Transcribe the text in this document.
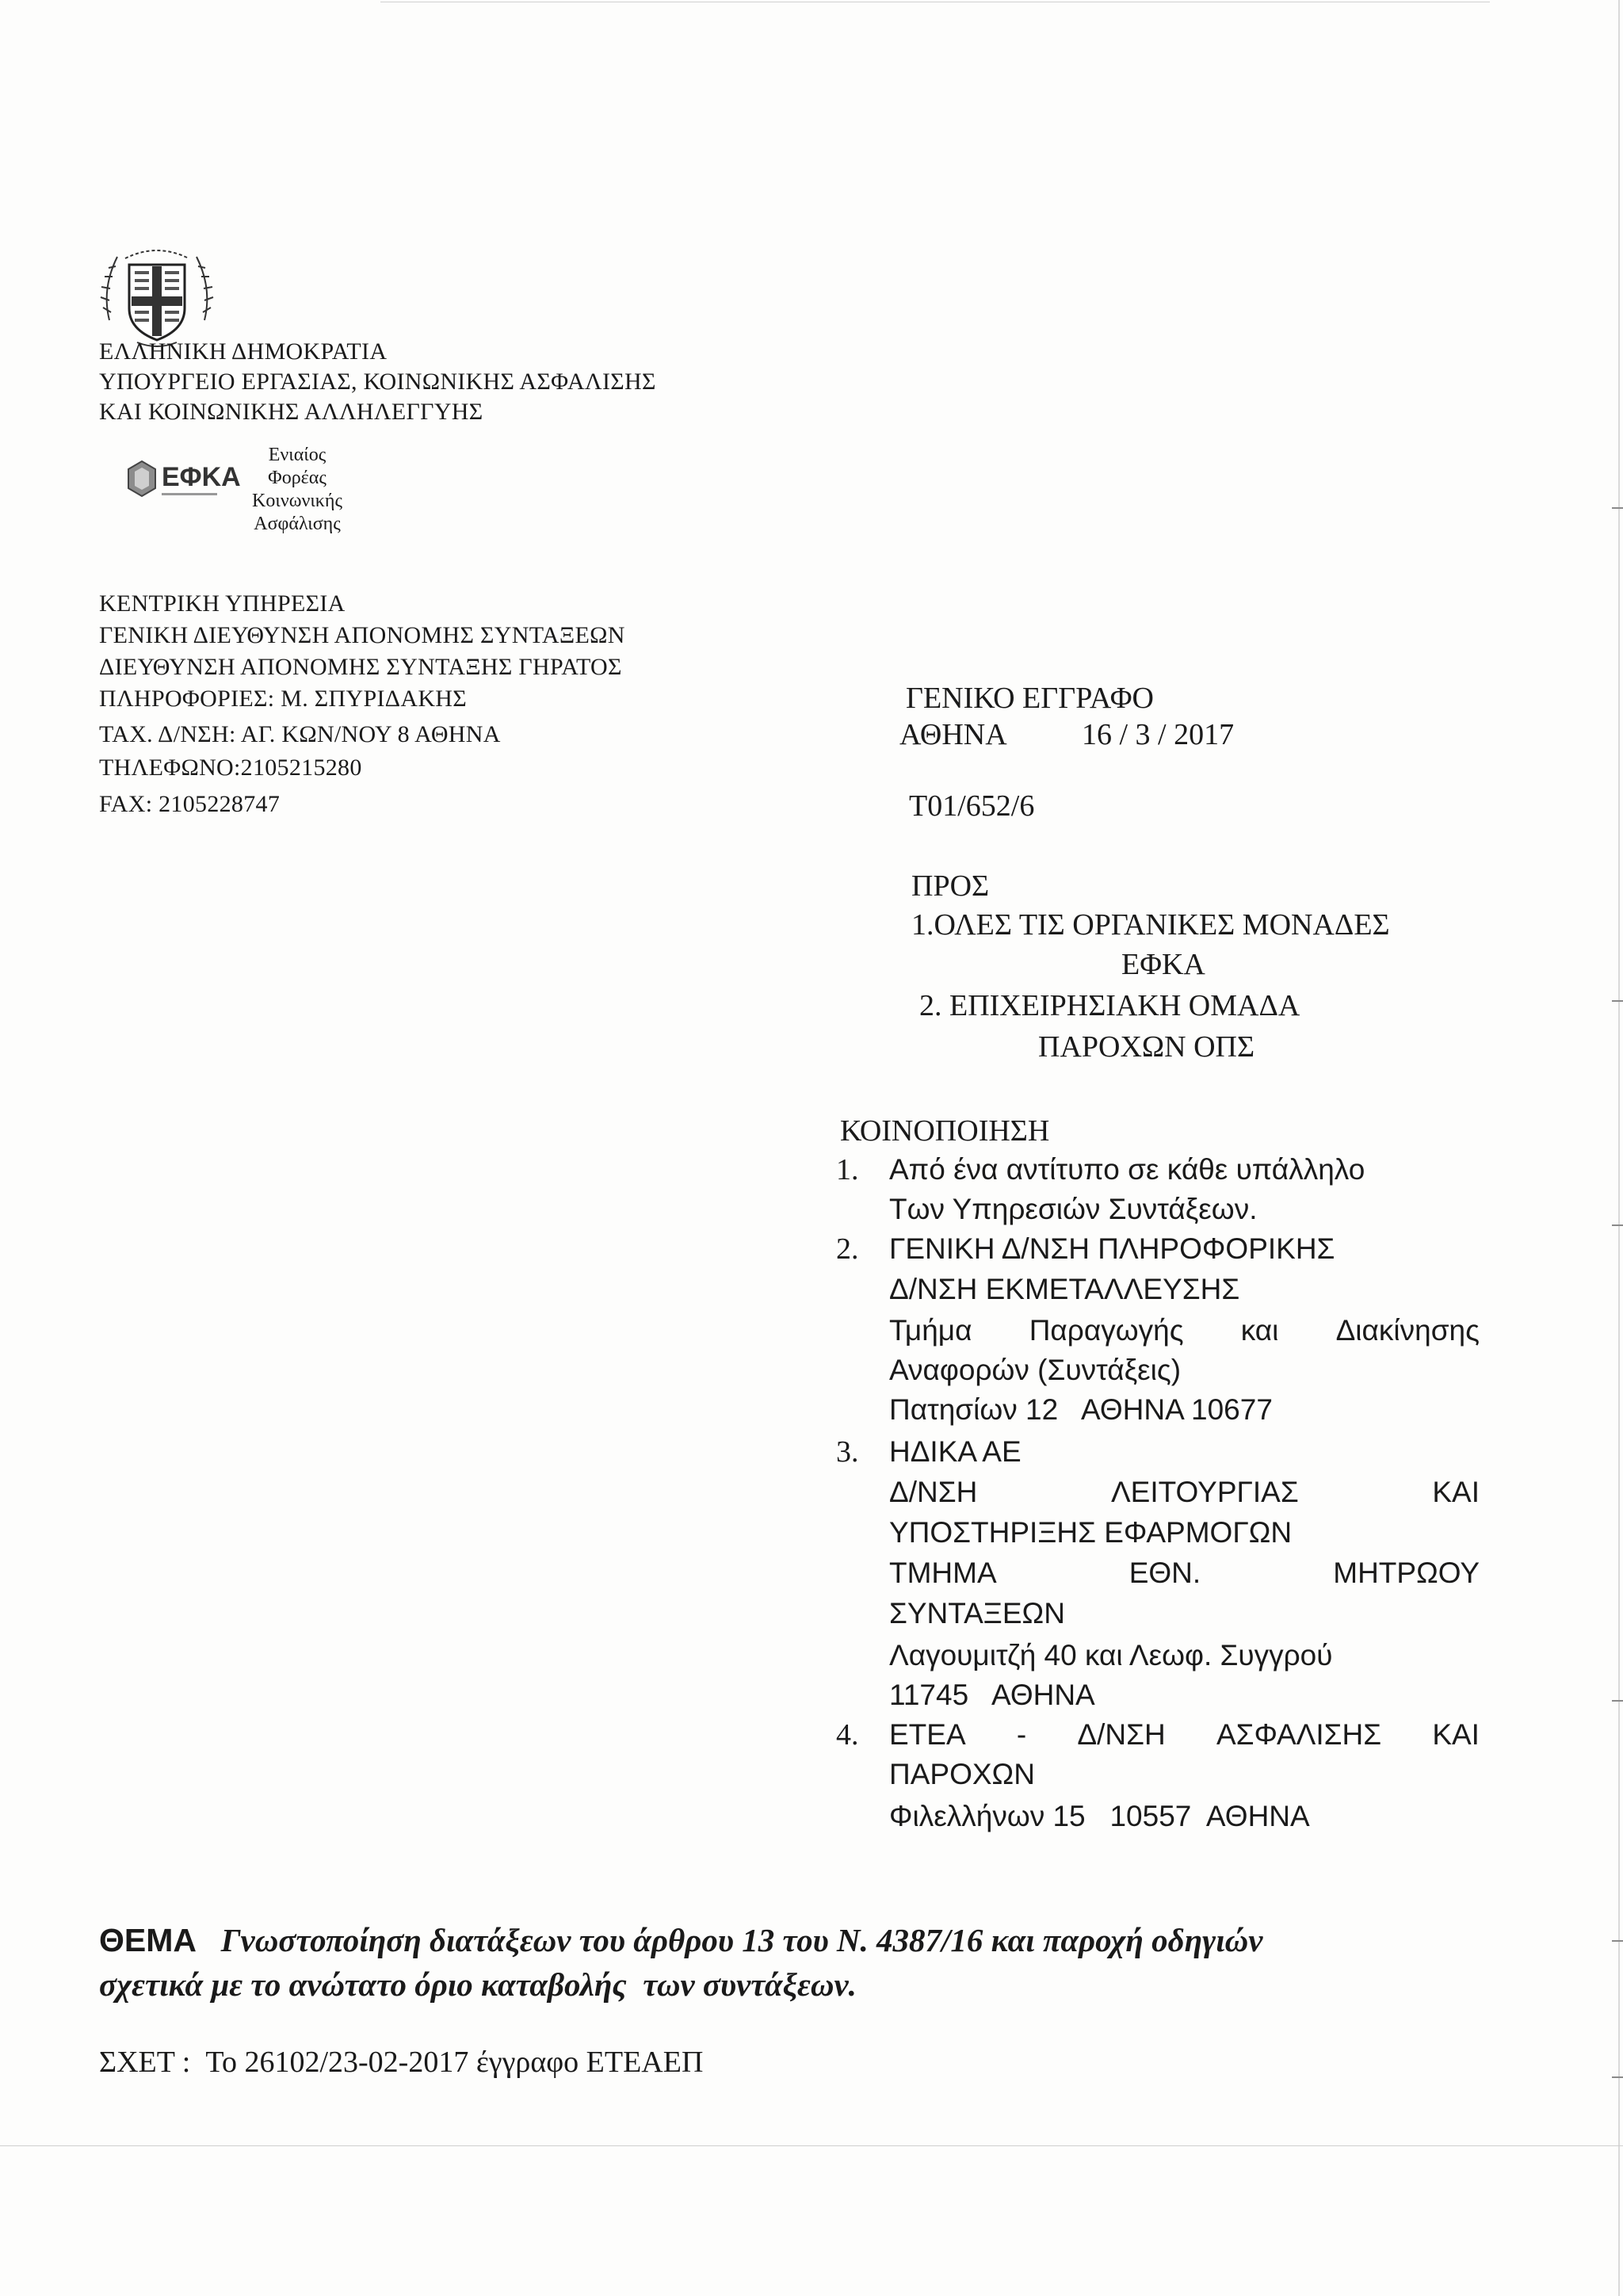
ΕΛΛΗΝΙΚΗ ΔΗΜΟΚΡΑΤΙΑ
ΥΠΟΥΡΓΕΙΟ ΕΡΓΑΣΙΑΣ, ΚΟΙΝΩΝΙΚΗΣ ΑΣΦΑΛΙΣΗΣ
ΚΑΙ ΚΟΙΝΩΝΙΚΗΣ ΑΛΛΗΛΕΓΓΥΗΣ
ΕΦΚΑ
Ενιαίος
Φορέας
Κοινωνικής
Ασφάλισης
ΚΕΝΤΡΙΚΗ ΥΠΗΡΕΣΙΑ
ΓΕΝΙΚΗ ΔΙΕΥΘΥΝΣΗ ΑΠΟΝΟΜΗΣ ΣΥΝΤΑΞΕΩΝ
ΔΙΕΥΘΥΝΣΗ ΑΠΟΝΟΜΗΣ ΣΥΝΤΑΞΗΣ ΓΗΡΑΤΟΣ
ΠΛΗΡΟΦΟΡΙΕΣ: Μ. ΣΠΥΡΙΔΑΚΗΣ
ΤΑΧ. Δ/ΝΣΗ: ΑΓ. ΚΩΝ/ΝΟΥ 8 ΑΘΗΝΑ
ΤΗΛΕΦΩΝΟ:2105215280
FAX: 2105228747
ΓΕΝΙΚΟ ΕΓΓΡΑΦΟ
ΑΘΗΝΑ 16 / 3 / 2017
Τ01/652/6
ΠΡΟΣ
1.ΟΛΕΣ ΤΙΣ ΟΡΓΑΝΙΚΕΣ ΜΟΝΑΔΕΣ
ΕΦΚΑ
2. ΕΠΙΧΕΙΡΗΣΙΑΚΗ ΟΜΑΔΑ
ΠΑΡΟΧΩΝ ΟΠΣ
ΚΟΙΝΟΠΟΙΗΣΗ
1. Από ένα αντίτυπο σε κάθε υπάλληλο
Των Υπηρεσιών Συντάξεων.
2. ΓΕΝΙΚΗ Δ/ΝΣΗ ΠΛΗΡΟΦΟΡΙΚΗΣ
Δ/ΝΣΗ ΕΚΜΕΤΑΛΛΕΥΣΗΣ
Τμήμα Παραγωγής και Διακίνησης
Αναφορών (Συντάξεις)
Πατησίων 12   ΑΘΗΝΑ 10677
3. ΗΔΙΚΑ ΑΕ
Δ/ΝΣΗ	ΛΕΙΤΟΥΡΓΙΑΣ	ΚΑΙ
ΥΠΟΣΤΗΡΙΞΗΣ ΕΦΑΡΜΟΓΩΝ
ΤΜΗΜΑ	ΕΘΝ.	ΜΗΤΡΩΟΥ
ΣΥΝΤΑΞΕΩΝ
Λαγουμιτζή 40 και Λεωφ. Συγγρού
11745   ΑΘΗΝΑ
4. ΕΤΕΑ - Δ/ΝΣΗ ΑΣΦΑΛΙΣΗΣ ΚΑΙ
ΠΑΡΟΧΩΝ
Φιλελλήνων 15   10557  ΑΘΗΝΑ
ΘΕΜΑ Γνωστοποίηση διατάξεων του άρθρου 13 του Ν. 4387/16 και παροχή οδηγιών
σχετικά με το ανώτατο όριο καταβολής  των συντάξεων.
ΣΧΕΤ : Το 26102/23-02-2017 έγγραφο ΕΤΕΑΕΠ
